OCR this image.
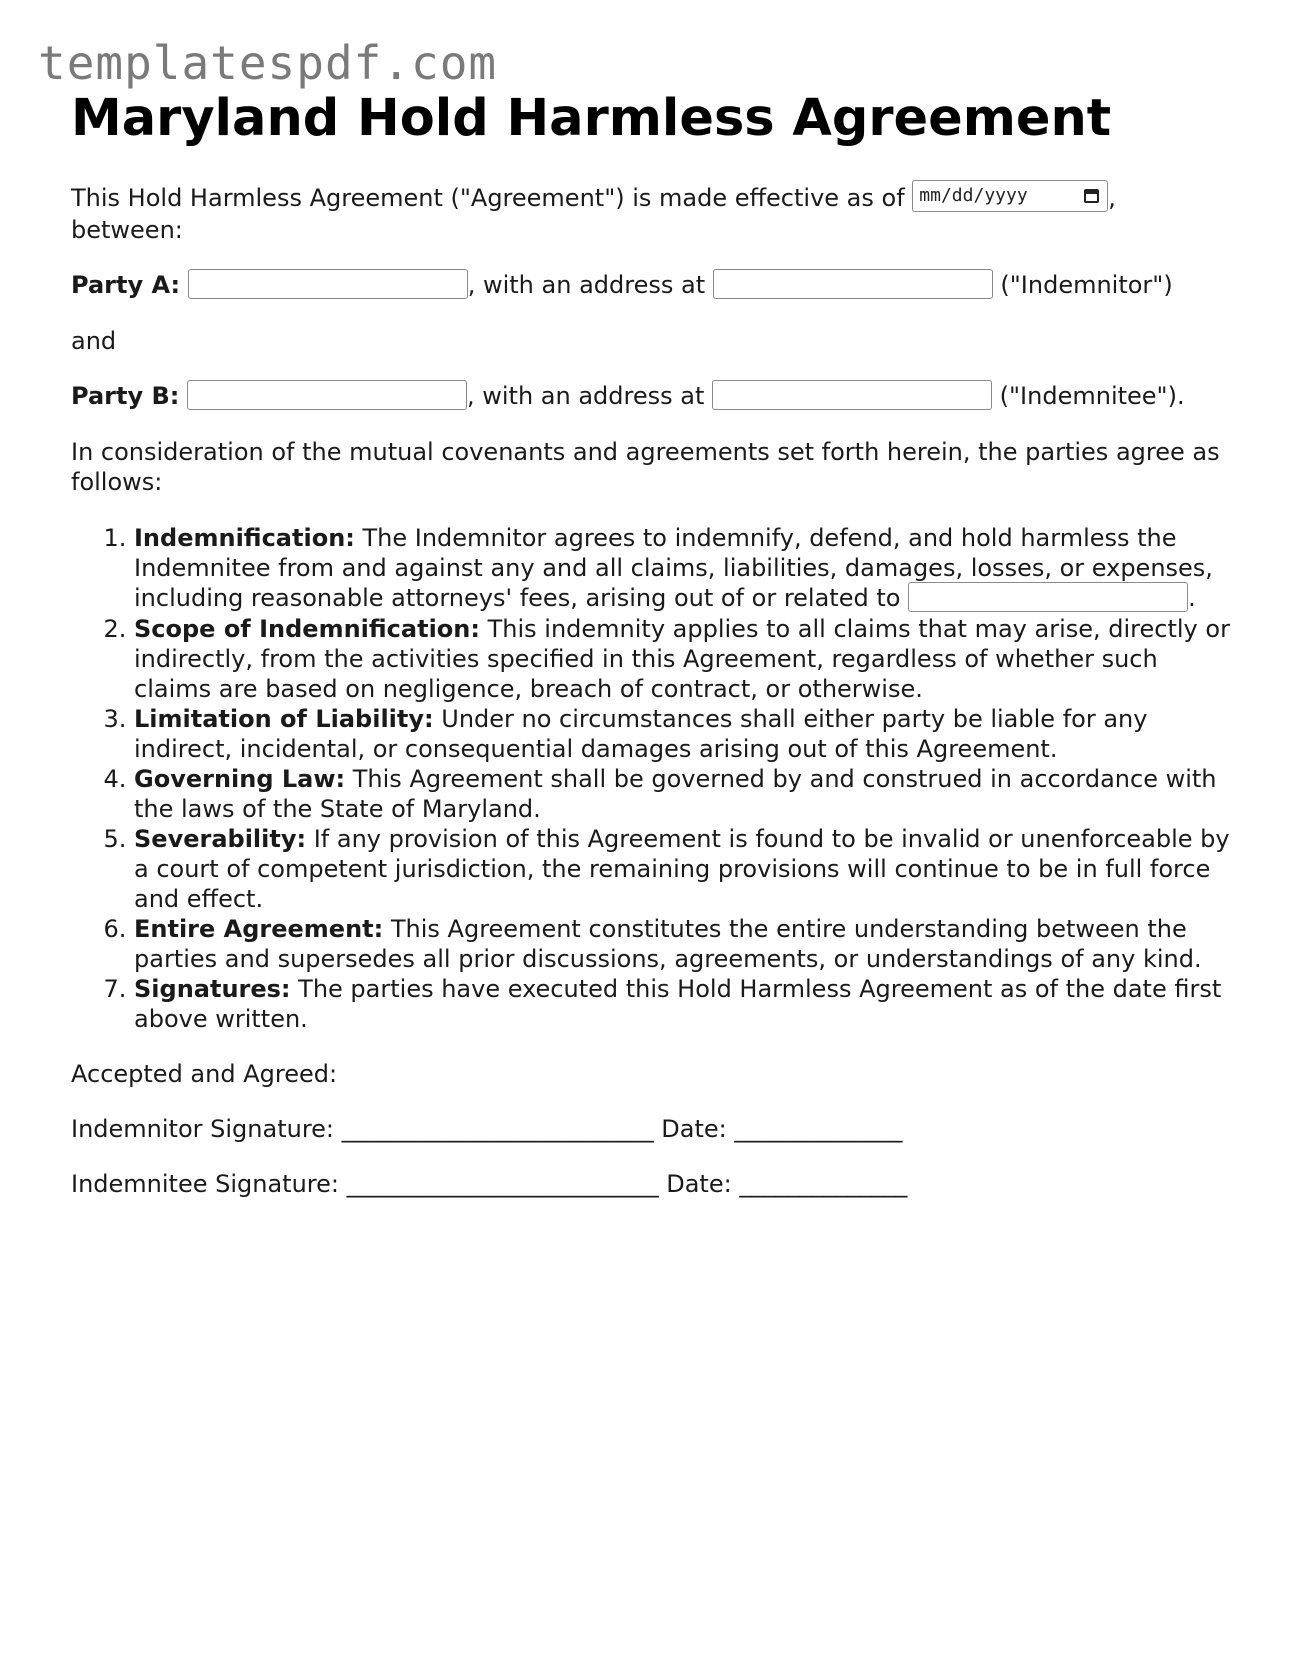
templatespdf.com
Maryland Hold Harmless Agreement

This Hold Harmless Agreement ("Agreement") is made effective as of mm/dd/yyyy	,
between:

Party A:	, with an address at	("Indemnitor")

and

Party B:	, with an address at	("Indemnitee").

In consideration of the mutual covenants and agreements set forth herein, the parties agree as follows:

1. Indemnification: The Indemnitor agrees to indemnify, defend, and hold harmless the Indemnitee from and against any and all claims, liabilities, damages, losses, or expenses, including reasonable attorneys' fees, arising out of or related to	.
2. Scope of Indemnification: This indemnity applies to all claims that may arise, directly or indirectly, from the activities specified in this Agreement, regardless of whether such claims are based on negligence, breach of contract, or otherwise.
3. Limitation of Liability: Under no circumstances shall either party be liable for any indirect, incidental, or consequential damages arising out of this Agreement.
4. Governing Law: This Agreement shall be governed by and construed in accordance with the laws of the State of Maryland.
5. Severability: If any provision of this Agreement is found to be invalid or unenforceable by a court of competent jurisdiction, the remaining provisions will continue to be in full force and effect.
6. Entire Agreement: This Agreement constitutes the entire understanding between the parties and supersedes all prior discussions, agreements, or understandings of any kind.
7. Signatures: The parties have executed this Hold Harmless Agreement as of the date first above written.

Accepted and Agreed:

Indemnitor Signature: __________________________ Date: ______________

Indemnitee Signature: __________________________ Date: ______________
